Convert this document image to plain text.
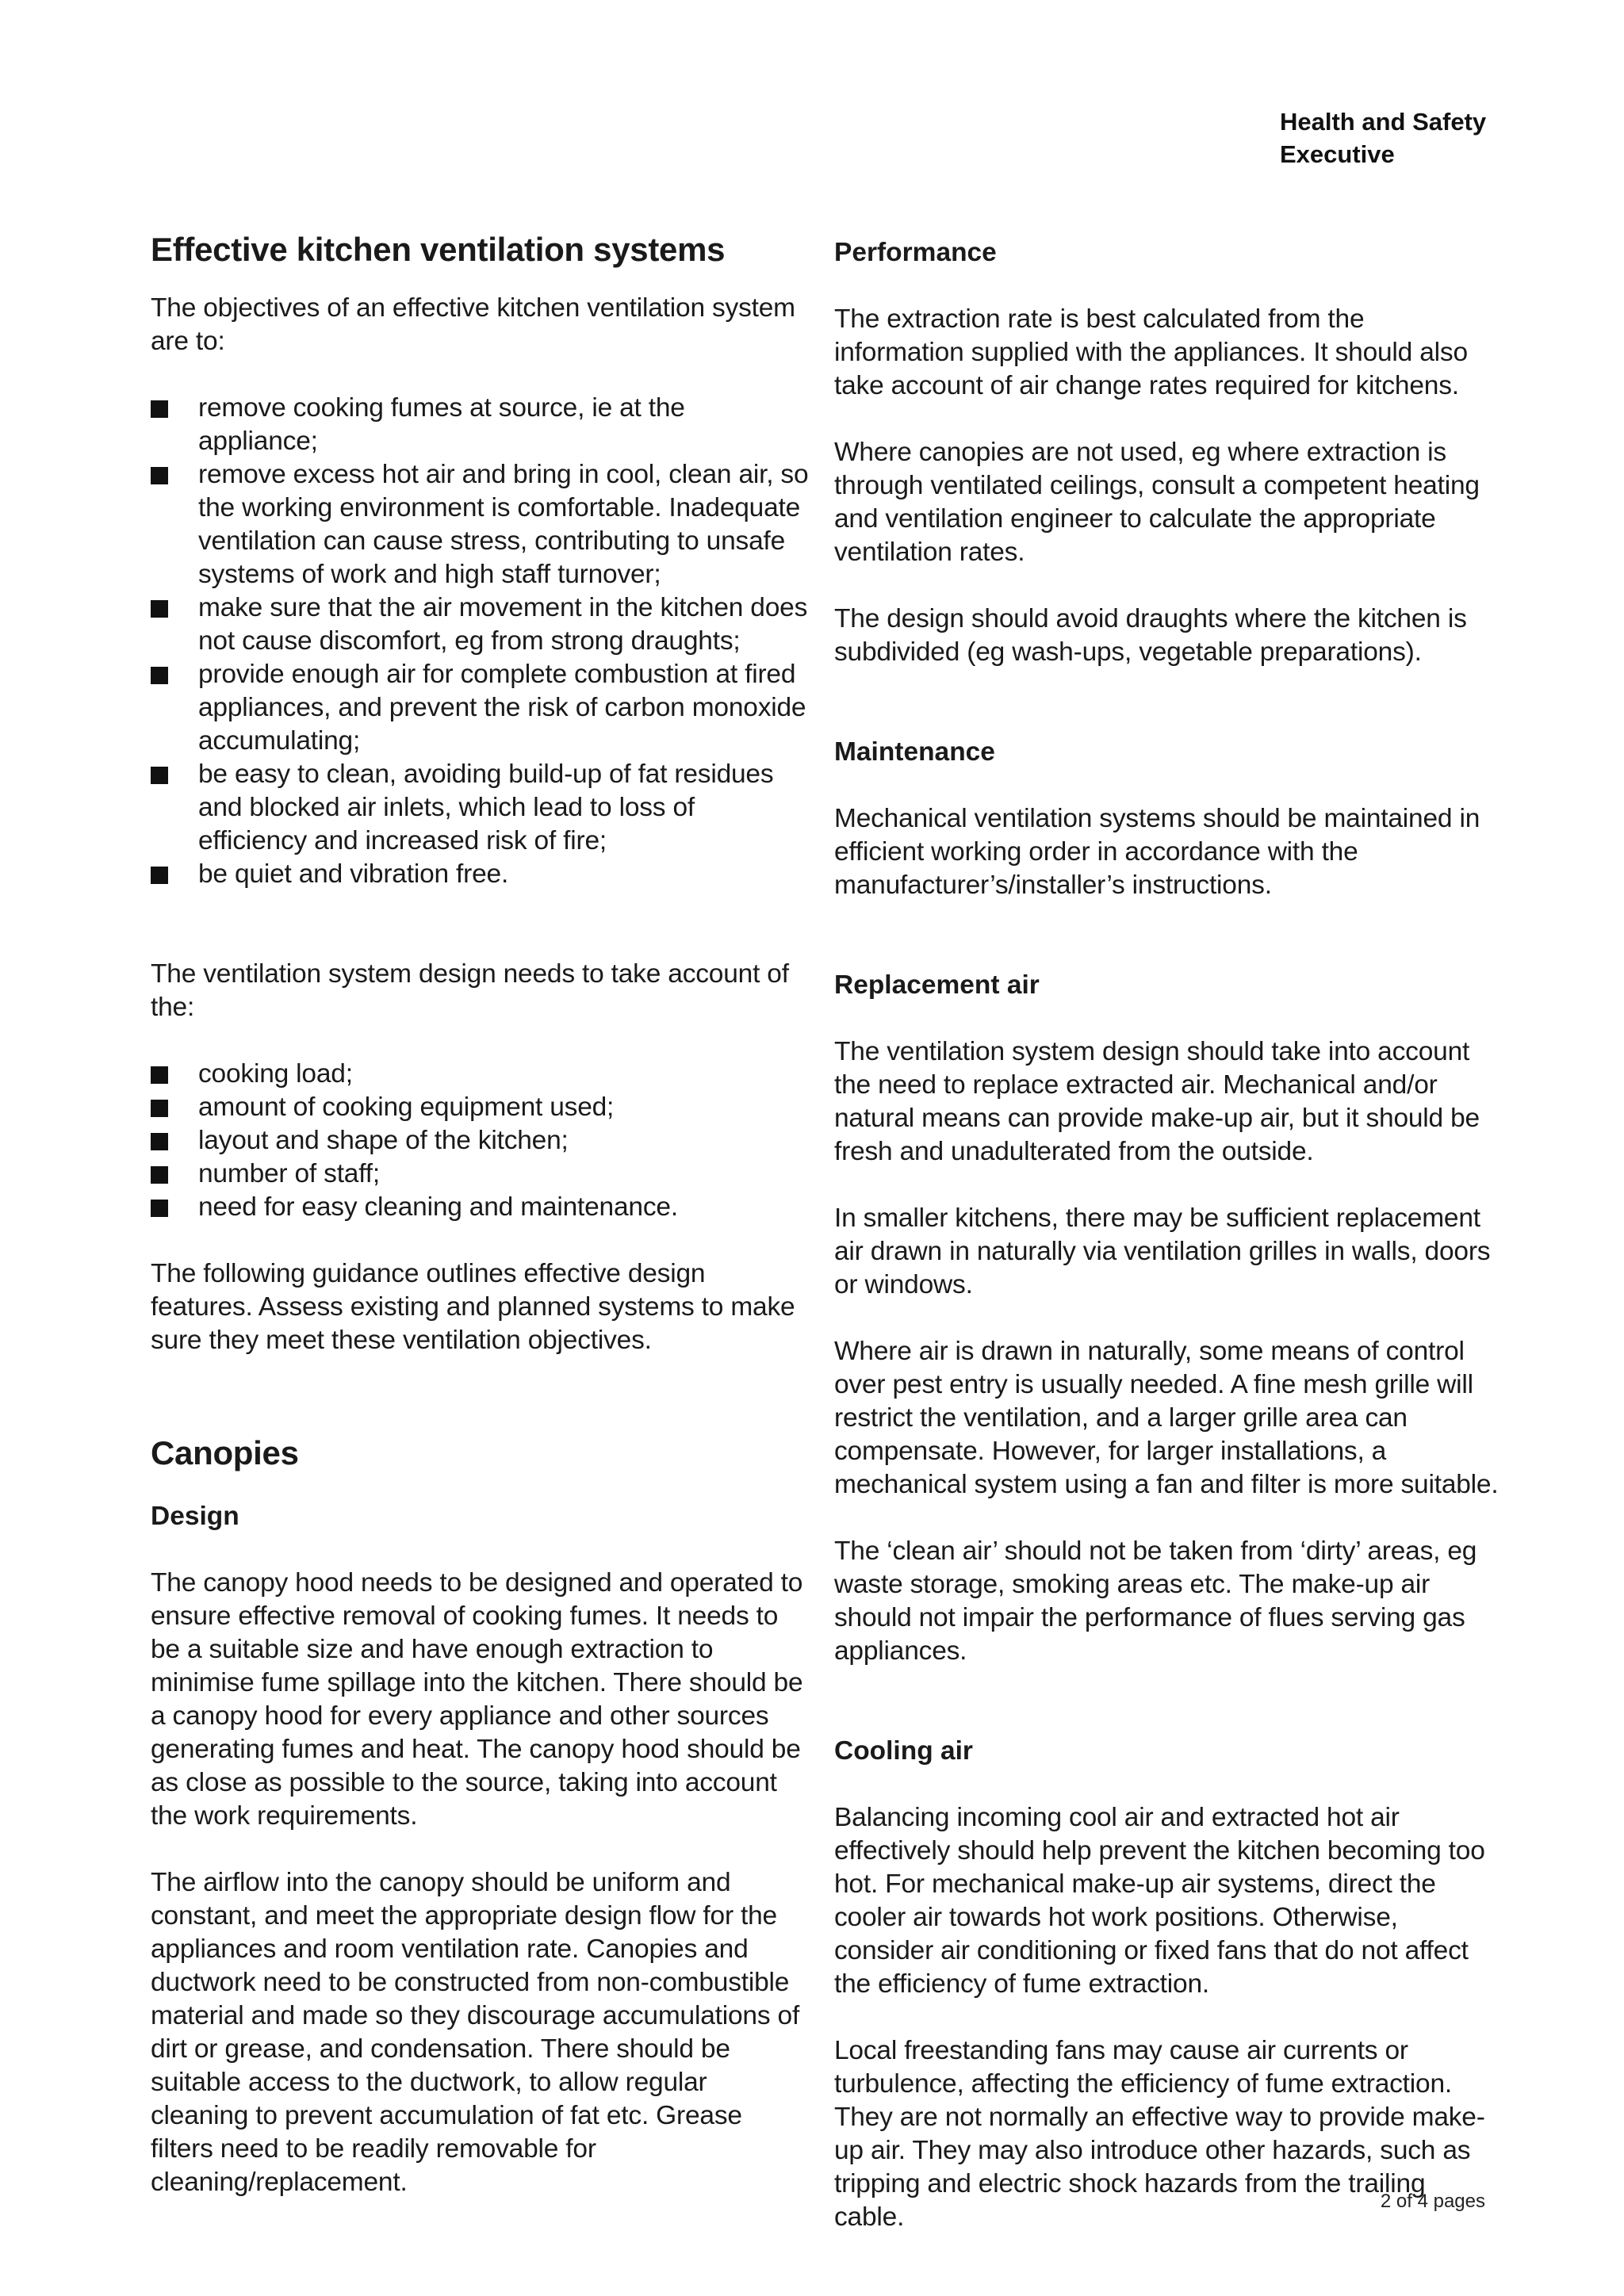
Health and Safety
Executive
Effective kitchen ventilation systems

The objectives of an effective kitchen ventilation system are to:

remove cooking fumes at source, ie at the appliance;
remove excess hot air and bring in cool, clean air, so the working environment is comfortable. Inadequate ventilation can cause stress, contributing to unsafe systems of work and high staff turnover;
make sure that the air movement in the kitchen does not cause discomfort, eg from strong draughts;
provide enough air for complete combustion at fired appliances, and prevent the risk of carbon monoxide accumulating;
be easy to clean, avoiding build-up of fat residues and blocked air inlets, which lead to loss of efficiency and increased risk of fire;
be quiet and vibration free.

The ventilation system design needs to take account of the:

cooking load;
amount of cooking equipment used;
layout and shape of the kitchen;
number of staff;
need for easy cleaning and maintenance.

The following guidance outlines effective design features. Assess existing and planned systems to make sure they meet these ventilation objectives.

Canopies
Design

The canopy hood needs to be designed and operated to ensure effective removal of cooking fumes. It needs to be a suitable size and have enough extraction to minimise fume spillage into the kitchen. There should be a canopy hood for every appliance and other sources generating fumes and heat. The canopy hood should be as close as possible to the source, taking into account the work requirements.

The airflow into the canopy should be uniform and constant, and meet the appropriate design flow for the appliances and room ventilation rate. Canopies and ductwork need to be constructed from non-combustible material and made so they discourage accumulations of dirt or grease, and condensation. There should be suitable access to the ductwork, to allow regular cleaning to prevent accumulation of fat etc. Grease filters need to be readily removable for cleaning/replacement.

Performance

The extraction rate is best calculated from the information supplied with the appliances. It should also take account of air change rates required for kitchens.

Where canopies are not used, eg where extraction is through ventilated ceilings, consult a competent heating and ventilation engineer to calculate the appropriate ventilation rates.

The design should avoid draughts where the kitchen is subdivided (eg wash-ups, vegetable preparations).

Maintenance

Mechanical ventilation systems should be maintained in efficient working order in accordance with the manufacturer’s/installer’s instructions.

Replacement air

The ventilation system design should take into account the need to replace extracted air. Mechanical and/or natural means can provide make-up air, but it should be fresh and unadulterated from the outside.

In smaller kitchens, there may be sufficient replacement air drawn in naturally via ventilation grilles in walls, doors or windows.

Where air is drawn in naturally, some means of control over pest entry is usually needed. A fine mesh grille will restrict the ventilation, and a larger grille area can compensate. However, for larger installations, a mechanical system using a fan and filter is more suitable.

The ‘clean air’ should not be taken from ‘dirty’ areas, eg waste storage, smoking areas etc. The make-up air should not impair the performance of flues serving gas appliances.

Cooling air

Balancing incoming cool air and extracted hot air effectively should help prevent the kitchen becoming too hot. For mechanical make-up air systems, direct the cooler air towards hot work positions. Otherwise, consider air conditioning or fixed fans that do not affect the efficiency of fume extraction.

Local freestanding fans may cause air currents or turbulence, affecting the efficiency of fume extraction. They are not normally an effective way to provide make-up air. They may also introduce other hazards, such as tripping and electric shock hazards from the trailing cable.

2 of 4 pages
